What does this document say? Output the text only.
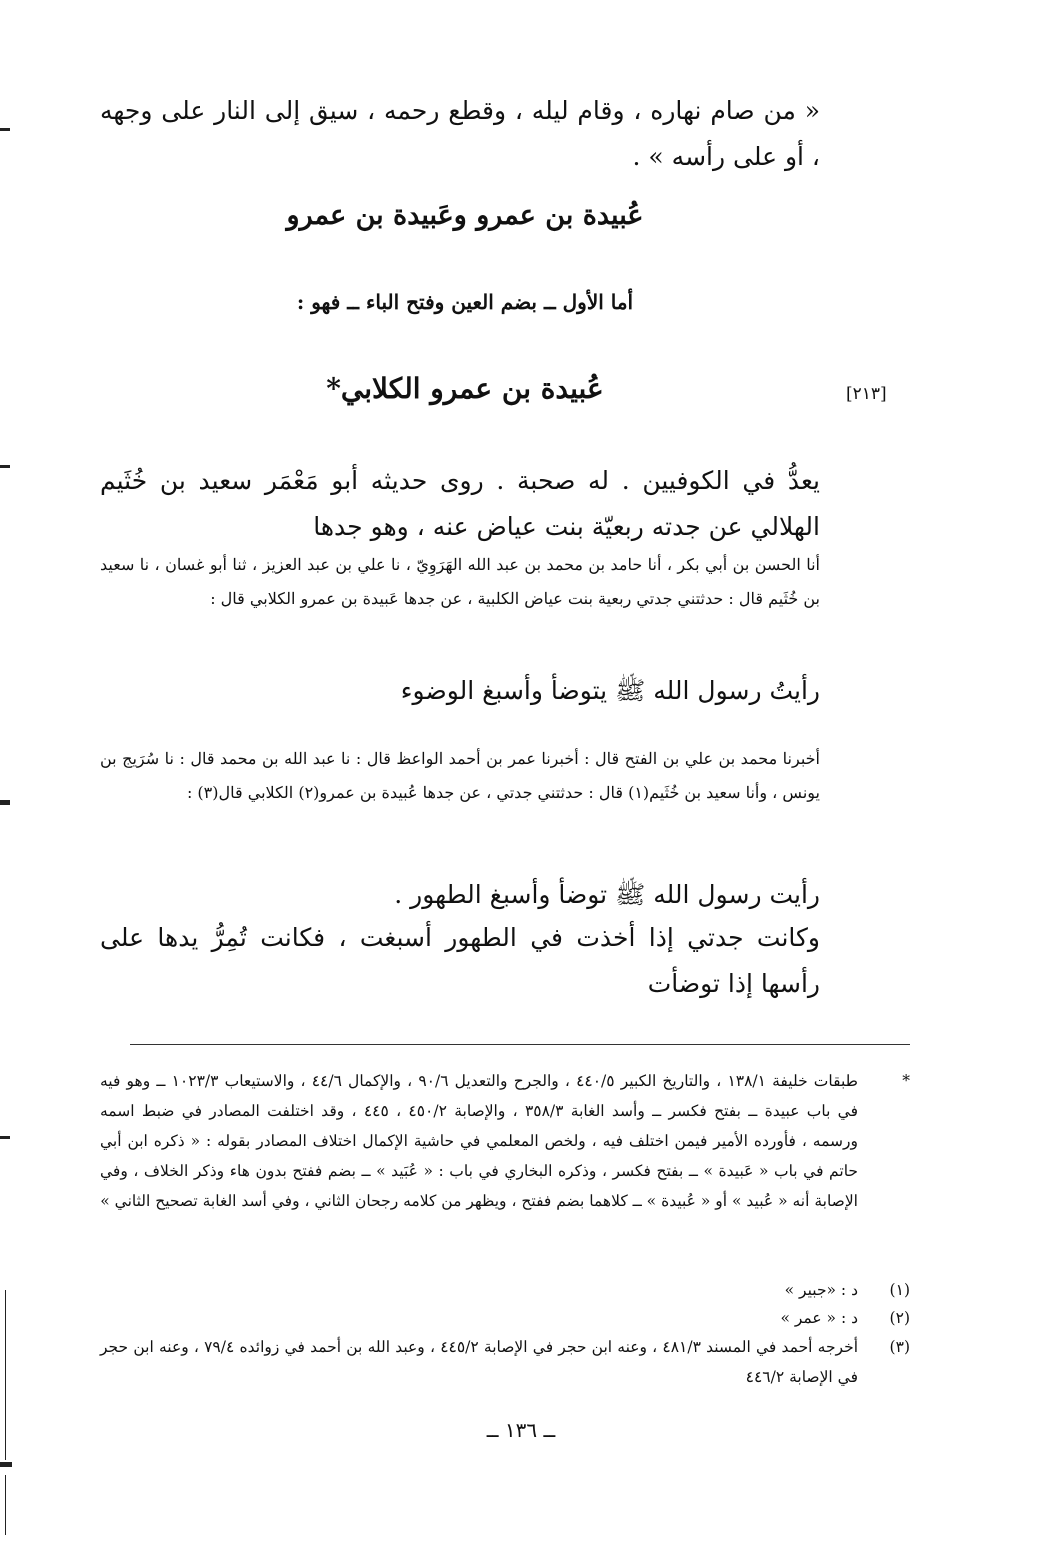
« من صام نهاره ، وقام ليله ، وقطع رحمه ، سيق إلى النار على وجهه ، أو على رأسه » .
عُبيدة بن عمرو وعَبيدة بن عمرو
أما الأول ــ بضم العين وفتح الباء ــ فهو :
[٢١٣]
عُبيدة بن عمرو الكلابي*
يعدُّ في الكوفيين . له صحبة . روى حديثه أبو مَعْمَر سعيد بن خُثَيم الهلالي عن جدته ربعيّة بنت عياض عنه ، وهو جدها
أنا الحسن بن أبي بكر ، أنا حامد بن محمد بن عبد الله الهَرَوِيّ ، نا علي بن عبد العزيز ، ثنا أبو غسان ، نا سعيد بن خُثَيم قال : حدثتني جدتي ربعية بنت عياض الكلبية ، عن جدها عَبيدة بن عمرو الكلابي قال :
رأيتُ رسول الله ﷺ يتوضأ وأسبغ الوضوء
أخبرنا محمد بن علي بن الفتح قال : أخبرنا عمر بن أحمد الواعظ قال : نا عبد الله بن محمد قال : نا سُرَيج بن يونس ، وأنا سعيد بن خُثَيم(١) قال : حدثتني جدتي ، عن جدها عُبيدة بن عمرو(٢) الكلابي قال(٣) :
رأيت رسول الله ﷺ توضأ وأسبغ الطهور .
وكانت جدتي إذا أخذت في الطهور أسبغت ، فكانت تُمِرُّ يدها على رأسها إذا توضأت
*
طبقات خليفة ١٣٨/١ ، والتاريخ الكبير ٤٤٠/٥ ، والجرح والتعديل ٩٠/٦ ، والإكمال ٤٤/٦ ، والاستيعاب ١٠٢٣/٣ ــ وهو فيه في باب عبيدة ــ بفتح فكسر ــ وأسد الغابة ٣٥٨/٣ ، والإصابة ٤٥٠/٢ ، ٤٤٥ ، وقد اختلفت المصادر في ضبط اسمه ورسمه ، فأورده الأمير فيمن اختلف فيه ، ولخص المعلمي في حاشية الإكمال اختلاف المصادر بقوله : « ذكره ابن أبي حاتم في باب « عَبيدة » ــ بفتح فكسر ، وذكره البخاري في باب : « عُبَيد » ــ بضم ففتح بدون هاء وذكر الخلاف ، وفي الإصابة أنه « عُبيد » أو « عُبيدة » ــ كلاهما بضم ففتح ، ويظهر من كلامه رجحان الثاني ، وفي أسد الغابة تصحيح الثاني »
(١)
د : «جبير »
(٢)
د : « عمر »
(٣)
أخرجه أحمد في المسند ٤٨١/٣ ، وعنه ابن حجر في الإصابة ٤٤٥/٢ ، وعبد الله بن أحمد في زوائده ٧٩/٤ ، وعنه ابن حجر في الإصابة ٤٤٦/٢
ــ ١٣٦ ــ
